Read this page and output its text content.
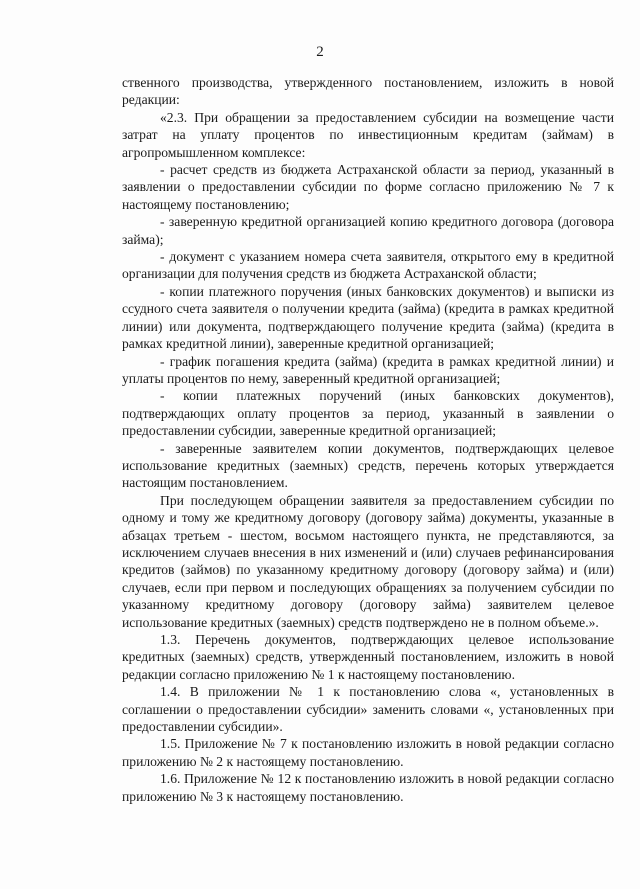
2

ственного производства, утвержденного постановлением, изложить в новой редакции:

«2.3. При обращении за предоставлением субсидии на возмещение части затрат на уплату процентов по инвестиционным кредитам (займам) в агропромышленном комплексе:

- расчет средств из бюджета Астраханской области за период, указанный в заявлении о предоставлении субсидии по форме согласно приложению № 7 к настоящему постановлению;

- заверенную кредитной организацией копию кредитного договора (договора займа);

- документ с указанием номера счета заявителя, открытого ему в кредитной организации для получения средств из бюджета Астраханской области;

- копии платежного поручения (иных банковских документов) и выписки из ссудного счета заявителя о получении кредита (займа) (кредита в рамках кредитной линии) или документа, подтверждающего получение кредита (займа) (кредита в рамках кредитной линии), заверенные кредитной организацией;

- график погашения кредита (займа) (кредита в рамках кредитной линии) и уплаты процентов по нему, заверенный кредитной организацией;

- копии платежных поручений (иных банковских документов), подтверждающих оплату процентов за период, указанный в заявлении о предоставлении субсидии, заверенные кредитной организацией;

- заверенные заявителем копии документов, подтверждающих целевое использование кредитных (заемных) средств, перечень которых утверждается настоящим постановлением.

При последующем обращении заявителя за предоставлением субсидии по одному и тому же кредитному договору (договору займа) документы, указанные в абзацах третьем - шестом, восьмом настоящего пункта, не представляются, за исключением случаев внесения в них изменений и (или) случаев рефинансирования кредитов (займов) по указанному кредитному договору (договору займа) и (или) случаев, если при первом и последующих обращениях за получением субсидии по указанному кредитному договору (договору займа) заявителем целевое использование кредитных (заемных) средств подтверждено не в полном объеме.».

1.3. Перечень документов, подтверждающих целевое использование кредитных (заемных) средств, утвержденный постановлением, изложить в новой редакции согласно приложению № 1 к настоящему постановлению.

1.4. В приложении № 1 к постановлению слова «, установленных в соглашении о предоставлении субсидии» заменить словами «, установленных при предоставлении субсидии».

1.5. Приложение № 7 к постановлению изложить в новой редакции согласно приложению № 2 к настоящему постановлению.

1.6. Приложение № 12 к постановлению изложить в новой редакции согласно приложению № 3 к настоящему постановлению.
